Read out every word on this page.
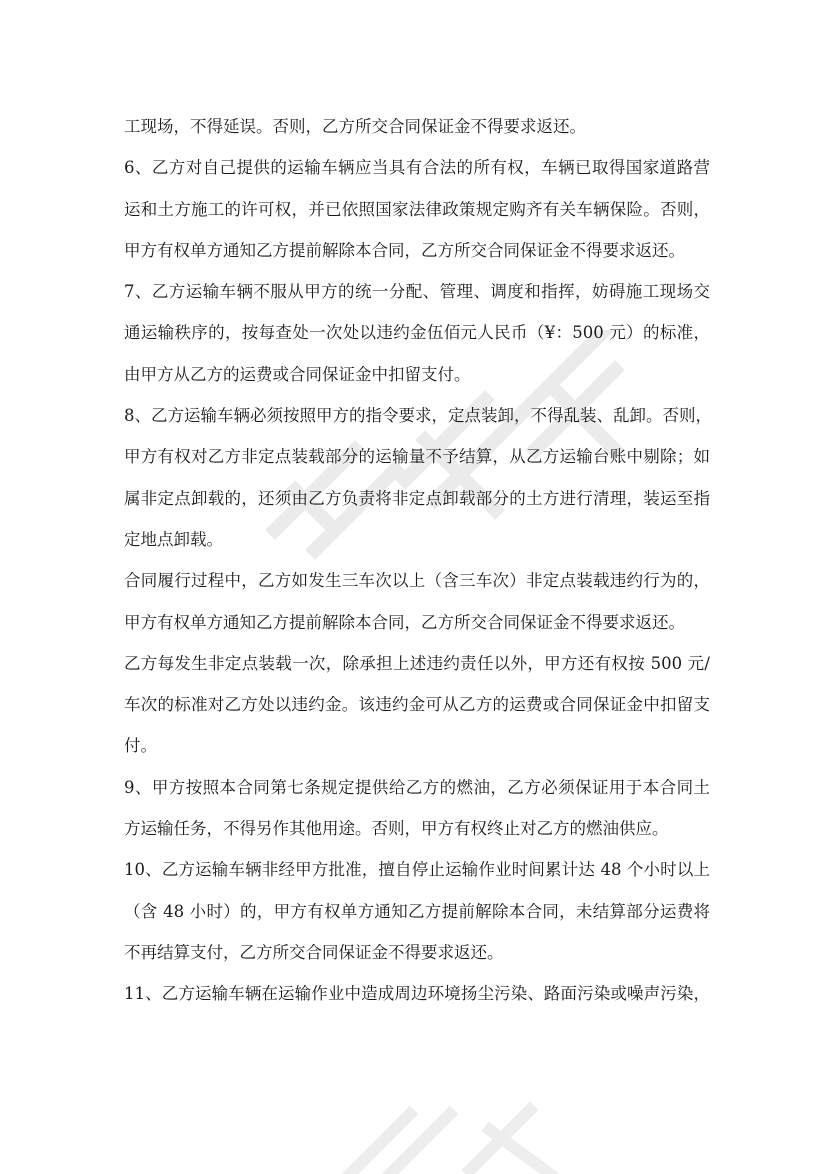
工现场，不得延误。否则，乙方所交合同保证金不得要求返还。
6、乙方对自己提供的运输车辆应当具有合法的所有权，车辆已取得国家道路营
运和土方施工的许可权，并已依照国家法律政策规定购齐有关车辆保险。否则，
甲方有权单方通知乙方提前解除本合同，乙方所交合同保证金不得要求返还。
7、乙方运输车辆不服从甲方的统一分配、管理、调度和指挥，妨碍施工现场交
通运输秩序的，按每查处一次处以违约金伍佰元人民币（¥：500 元）的标准，
由甲方从乙方的运费或合同保证金中扣留支付。
8、乙方运输车辆必须按照甲方的指令要求，定点装卸，不得乱装、乱卸。否则，
甲方有权对乙方非定点装载部分的运输量不予结算，从乙方运输台账中剔除；如
属非定点卸载的，还须由乙方负责将非定点卸载部分的土方进行清理，装运至指
定地点卸载。
合同履行过程中，乙方如发生三车次以上（含三车次）非定点装载违约行为的，
甲方有权单方通知乙方提前解除本合同，乙方所交合同保证金不得要求返还。
乙方每发生非定点装载一次，除承担上述违约责任以外，甲方还有权按 500 元/
车次的标准对乙方处以违约金。该违约金可从乙方的运费或合同保证金中扣留支
付。
9、甲方按照本合同第七条规定提供给乙方的燃油，乙方必须保证用于本合同土
方运输任务，不得另作其他用途。否则，甲方有权终止对乙方的燃油供应。
10、乙方运输车辆非经甲方批准，擅自停止运输作业时间累计达 48 个小时以上
（含 48 小时）的，甲方有权单方通知乙方提前解除本合同，未结算部分运费将
不再结算支付，乙方所交合同保证金不得要求返还。
11、乙方运输车辆在运输作业中造成周边环境扬尘污染、路面污染或噪声污染，
